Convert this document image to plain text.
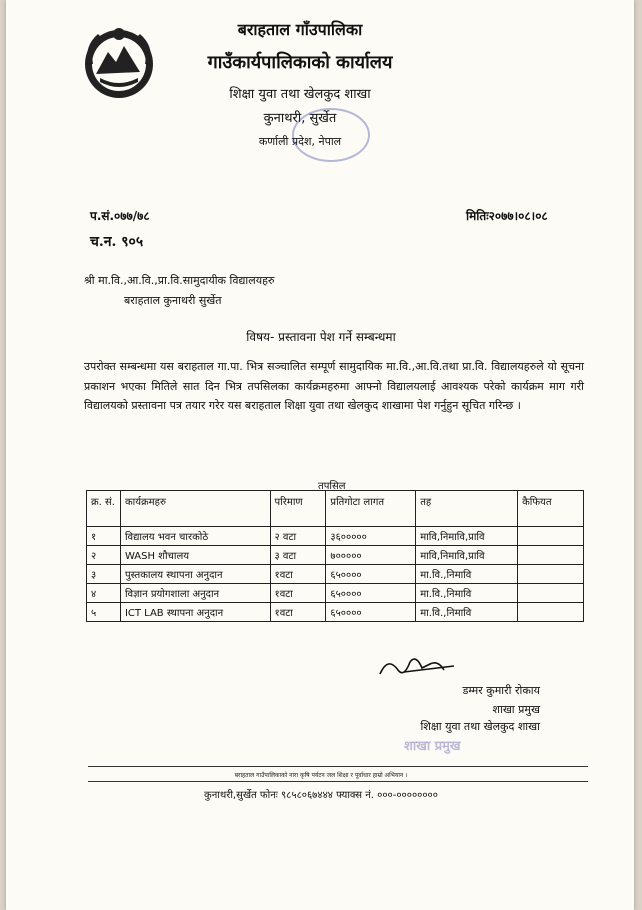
बराहताल गाँउपालिका
गाउँकार्यपालिकाको कार्यालय
शिक्षा युवा तथा खेलकुद शाखा
कुनाथरी, सुर्खेत
कर्णाली प्रदेश, नेपाल
प.सं.०७७/७८	मितिः२०७७।०८।०८
च.न. ९०५
श्री मा.वि.,आ.वि.,प्रा.वि.सामुदायीक विद्यालयहरु
बराहताल कुनाथरी सुर्खेत
विषय- प्रस्तावना पेश गर्ने सम्बन्धमा
उपरोक्त सम्बन्धमा यस बराहताल गा.पा. भित्र सञ्चालित सम्पूर्ण सामुदायिक मा.वि.,आ.वि.तथा प्रा.वि. विद्यालयहरुले यो सूचना प्रकाशन भएका मितिले सात दिन भित्र तपसिलका कार्यक्रमहरुमा आफ्नो विद्यालयलाई आवश्यक परेको कार्यक्रम माग गरी विद्यालयको प्रस्तावना पत्र तयार गरेर यस बराहताल शिक्षा युवा तथा खेलकुद शाखामा पेश गर्नुहुन सूचित गरिन्छ ।
तपसिल
क्र. सं.	कार्यक्रमहरु	परिमाण	प्रतिगोटा लागत	तह	कैफियत
१	विद्यालय भवन चारकोठे	२ वटा	३६०००००	मावि,निमावि,प्रावि	
२	WASH शौचालय	३ वटा	७०००००	मावि,निमावि,प्रावि	
३	पुस्तकालय स्थापना अनुदान	१वटा	६५००००	मा.वि.,निमावि	
४	विज्ञान प्रयोगशाला अनुदान	१वटा	६५००००	मा.वि.,निमावि	
५	ICT LAB स्थापना अनुदान	१वटा	६५००००	मा.वि.,निमावि	
डम्मर कुमारी रोकाय
शाखा प्रमुख
शिक्षा युवा तथा खेलकुद शाखा
शाखा प्रमुख
बराहताल गाउँपालिकाको नारा कृषि पर्यटन जल शिक्षा र पूर्वाधार हाम्रो अभियान ।
कुनाथरी,सुर्खेत फोनः ९८५८०६७४४४ फ्याक्स नं. ०००-००००००००
